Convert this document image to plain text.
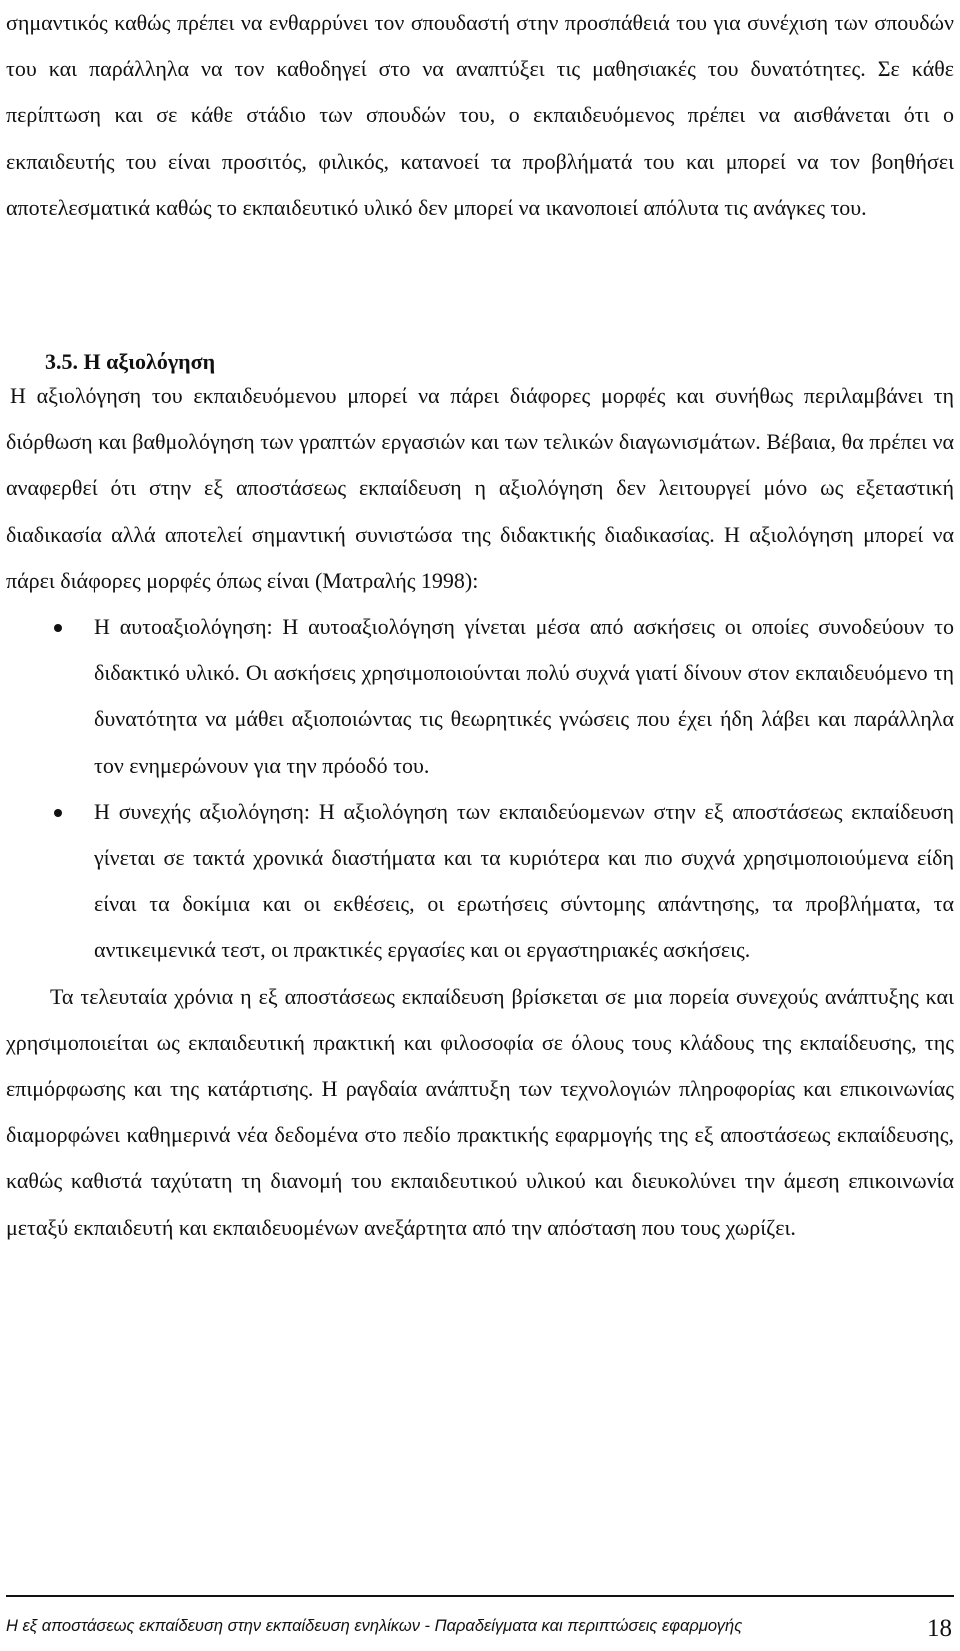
σημαντικός καθώς πρέπει να ενθαρρύνει τον σπουδαστή στην προσπάθειά του για συνέχιση των σπουδών του και παράλληλα να τον καθοδηγεί στο να αναπτύξει τις μαθησιακές του δυνατότητες. Σε κάθε περίπτωση και σε κάθε στάδιο των σπουδών του, ο εκπαιδευόμενος πρέπει να αισθάνεται ότι ο εκπαιδευτής του είναι προσιτός, φιλικός, κατανοεί τα προβλήματά του και μπορεί να τον βοηθήσει αποτελεσματικά καθώς το εκπαιδευτικό υλικό δεν μπορεί να ικανοποιεί απόλυτα τις ανάγκες του.

3.5. Η αξιολόγηση

Η αξιολόγηση του εκπαιδευόμενου μπορεί να πάρει διάφορες μορφές και συνήθως περιλαμβάνει τη διόρθωση και βαθμολόγηση των γραπτών εργασιών και των τελικών διαγωνισμάτων. Βέβαια, θα πρέπει να αναφερθεί ότι στην εξ αποστάσεως εκπαίδευση η αξιολόγηση δεν λειτουργεί μόνο ως εξεταστική διαδικασία αλλά αποτελεί σημαντική συνιστώσα της διδακτικής διαδικασίας. Η αξιολόγηση μπορεί να πάρει διάφορες μορφές όπως είναι (Ματραλής 1998):

Η αυτοαξιολόγηση: Η αυτοαξιολόγηση γίνεται μέσα από ασκήσεις οι οποίες συνοδεύουν το διδακτικό υλικό. Οι ασκήσεις χρησιμοποιούνται πολύ συχνά γιατί δίνουν στον εκπαιδευόμενο τη δυνατότητα να μάθει αξιοποιώντας τις θεωρητικές γνώσεις που έχει ήδη λάβει και παράλληλα τον ενημερώνουν για την πρόοδό του.
Η συνεχής αξιολόγηση: Η αξιολόγηση των εκπαιδεύομενων στην εξ αποστάσεως εκπαίδευση γίνεται σε τακτά χρονικά διαστήματα και τα κυριότερα και πιο συχνά χρησιμοποιούμενα είδη είναι τα δοκίμια και οι εκθέσεις, οι ερωτήσεις σύντομης απάντησης, τα προβλήματα, τα αντικειμενικά τεστ, οι πρακτικές εργασίες και οι εργαστηριακές ασκήσεις.

Τα τελευταία χρόνια η εξ αποστάσεως εκπαίδευση βρίσκεται σε μια πορεία συνεχούς ανάπτυξης και χρησιμοποιείται ως εκπαιδευτική πρακτική και φιλοσοφία σε όλους τους κλάδους της εκπαίδευσης, της επιμόρφωσης και της κατάρτισης. Η ραγδαία ανάπτυξη των τεχνολογιών πληροφορίας και επικοινωνίας διαμορφώνει καθημερινά νέα δεδομένα στο πεδίο πρακτικής εφαρμογής της εξ αποστάσεως εκπαίδευσης, καθώς καθιστά ταχύτατη τη διανομή του εκπαιδευτικού υλικού και διευκολύνει την άμεση επικοινωνία μεταξύ εκπαιδευτή και εκπαιδευομένων ανεξάρτητα από την απόσταση που τους χωρίζει.

Η εξ αποστάσεως εκπαίδευση στην εκπαίδευση ενηλίκων - Παραδείγματα και περιπτώσεις εφαρμογής	18
